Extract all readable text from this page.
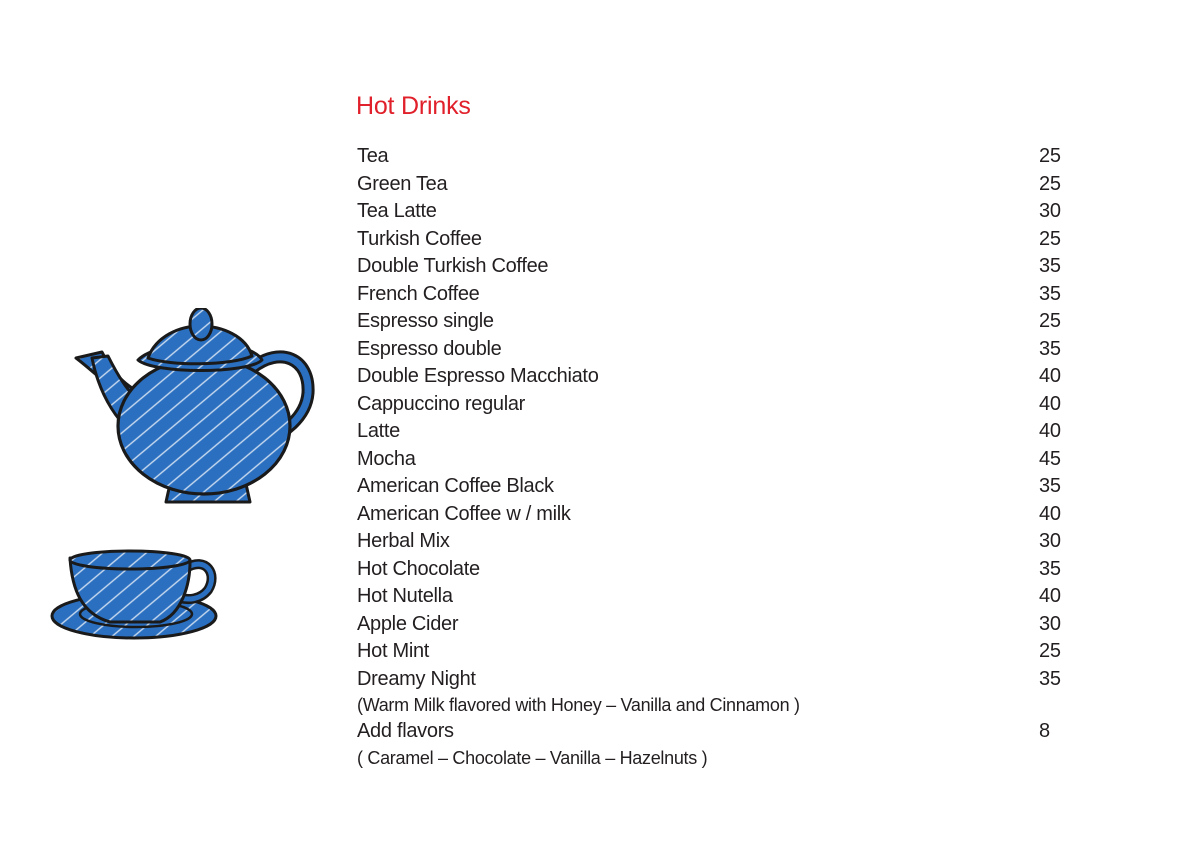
Hot Drinks
Tea	25
Green Tea	25
Tea Latte	30
Turkish Coffee	25
Double Turkish Coffee	35
French Coffee	35
Espresso single	25
Espresso double	35
Double Espresso Macchiato	40
Cappuccino regular	40
Latte	40
Mocha	45
American Coffee Black	35
American Coffee w / milk	40
Herbal Mix	30
Hot Chocolate	35
Hot Nutella	40
Apple Cider	30
Hot Mint	25
Dreamy Night	35
(Warm Milk flavored with Honey – Vanilla and Cinnamon )
Add flavors	8
( Caramel – Chocolate – Vanilla – Hazelnuts )
